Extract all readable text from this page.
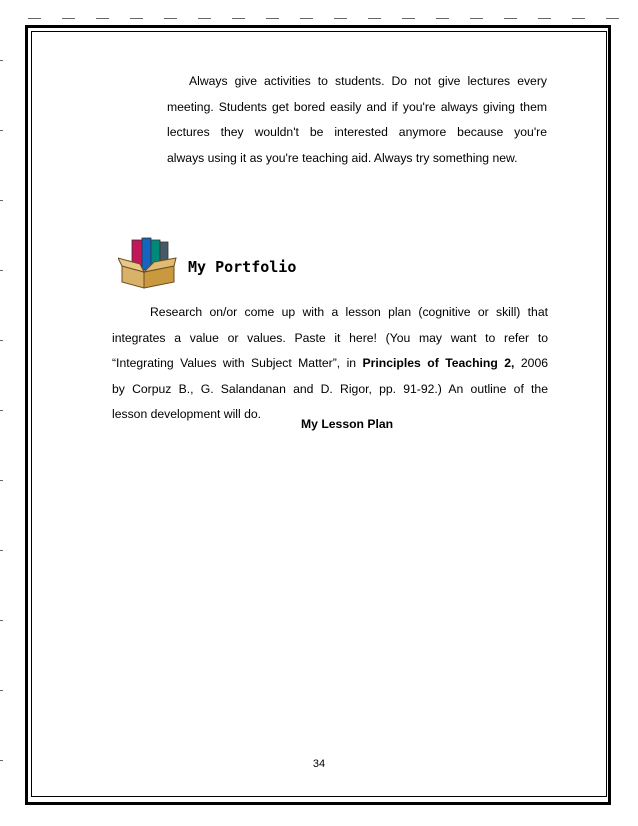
Always give activities to students. Do not give lectures every
meeting. Students get bored easily and if you're always giving them
lectures they wouldn't be interested anymore because you're
always using it as you're teaching aid. Always try something new.
My Portfolio
Research on/or come up with a lesson plan (cognitive or skill) that
integrates a value or values. Paste it here! (You may want to refer to
“Integrating Values with Subject Matter”, in Principles of Teaching 2, 2006
by Corpuz B., G. Salandanan and D. Rigor, pp. 91-92.) An outline of the
lesson development will do.
My Lesson Plan
34
